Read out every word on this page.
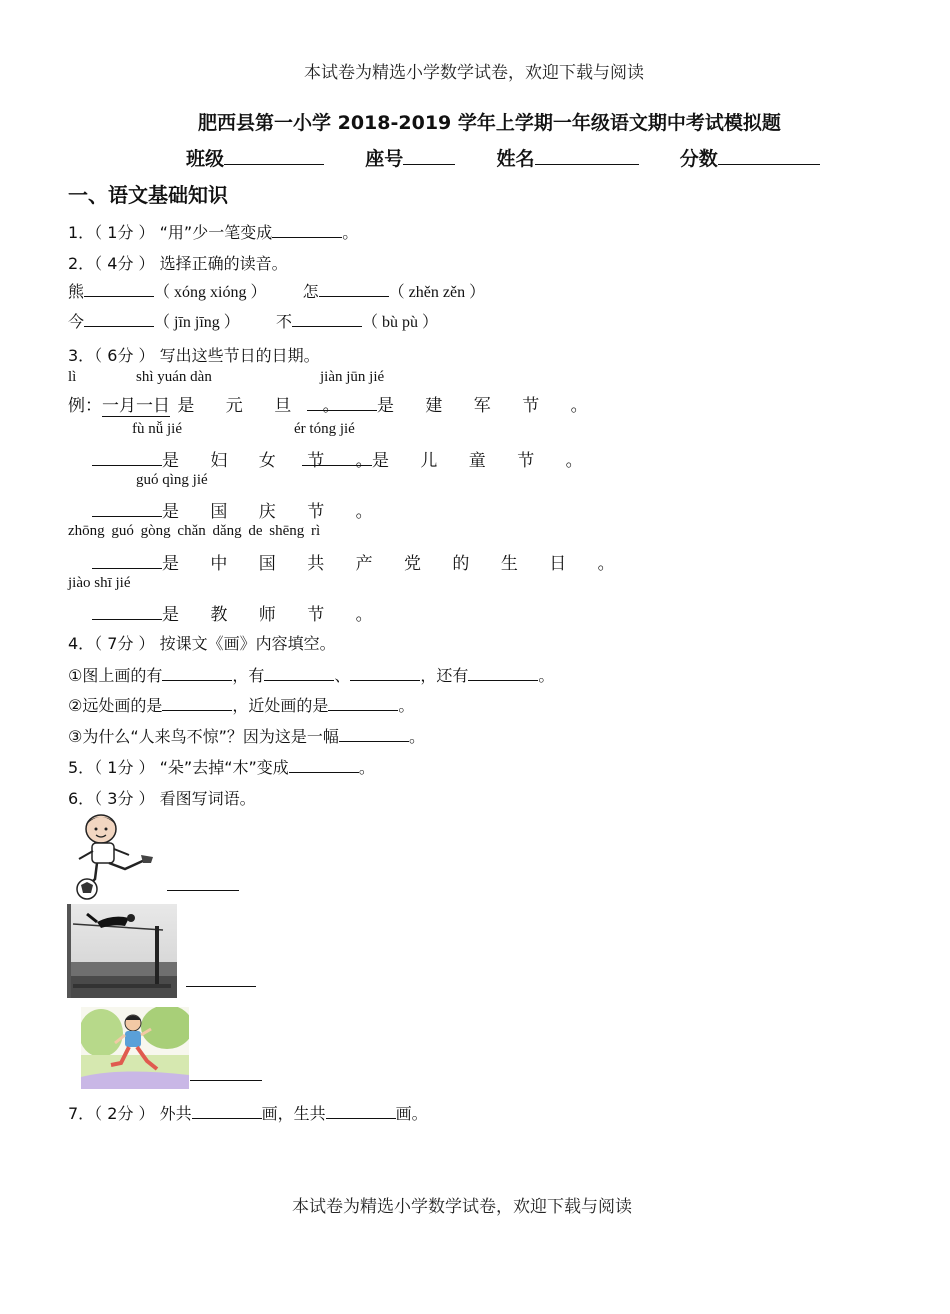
本试卷为精选小学数学试卷，欢迎下载与阅读
肥西县第一小学 2018-2019 学年上学期一年级语文期中考试模拟题
班级	座号	姓名	分数
一、语文基础知识
1．（ 1分 ） “用”少一笔变成	。
2．（ 4分 ） 选择正确的读音。
熊	（ xóng xióng ） 怎	（ zhěn zěn ）
今	（ jīn jīng ） 不	（ bù pù ）
3．（ 6分 ） 写出这些节日的日期。
lì	shì yuán dàn	jiàn jūn jié
例：一月一日 是 元 旦 。	是 建 军 节 。
fù nǚ jié	ér tóng jié
是 妇 女 节 。
是 儿 童 节 。
guó qìng jié
是 国 庆 节 。
zhōng guó gòng chǎn dǎng de shēng rì
是 中 国 共 产 党 的 生 日 。
jiào shī jié
是 教 师 节 。
4．（ 7分 ） 按课文《画》内容填空。
①图上画的有	，有	、	，还有	。
②远处画的是	，近处画的是	。
③为什么“人来鸟不惊”？因为这是一幅	。
5．（ 1分 ） “朵”去掉“木”变成	。
6．（ 3分 ） 看图写词语。
7．（ 2分 ） 外共	画，生共	画。
本试卷为精选小学数学试卷，欢迎下载与阅读
